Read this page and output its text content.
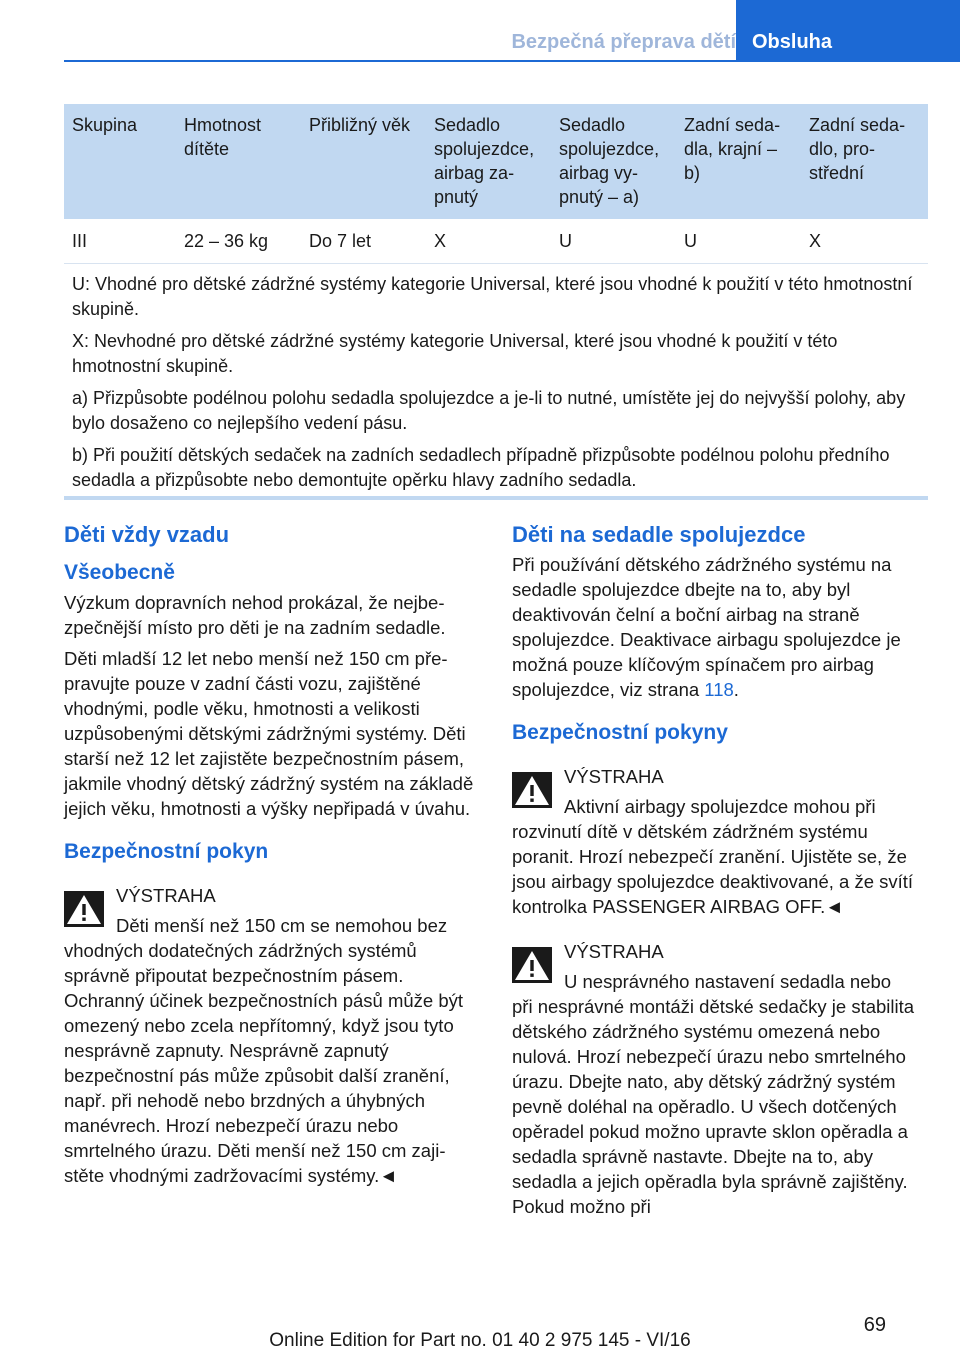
Bezpečná přeprava dětí Obsluha
Skupina	Hmotnost dítěte	Přibližný věk	Sedadlo spolujezdce, airbag zapnutý	Sedadlo spolujezdce, airbag vypnutý – a)	Zadní sedadla, krajní – b)	Zadní sedadlo, prostřední
III	22 – 36 kg	Do 7 let	X	U	U	X

U: Vhodné pro dětské zádržné systémy kategorie Universal, které jsou vhodné k použití v této hmotnostní skupině.

X: Nevhodné pro dětské zádržné systémy kategorie Universal, které jsou vhodné k použití v této hmotnostní skupině.

a) Přizpůsobte podélnou polohu sedadla spolujezdce a je-li to nutné, umístěte jej do nejvyšší polohy, aby bylo dosaženo co nejlepšího vedení pásu.

b) Při použití dětských sedaček na zadních sedadlech případně přizpůsobte podélnou polohu předního sedadla a přizpůsobte nebo demontujte opěrku hlavy zadního sedadla.						

Děti vždy vzadu
Všeobecně

Výzkum dopravních nehod prokázal, že nejbezpečnější místo pro děti je na zadním sedadle.

Děti mladší 12 let nebo menší než 150 cm přepravujte pouze v zadní části vozu, zajištěné vhodnými, podle věku, hmotnosti a velikosti uzpůsobenými dětskými zádržnými systémy. Děti starší než 12 let zajistěte bezpečnostním pásem, jakmile vhodný dětský zádržný systém na základě jejich věku, hmotnosti a výšky nepřipadá v úvahu.

Bezpečnostní pokyn
VÝSTRAHA
Děti menší než 150 cm se nemohou bez
vhodných dodatečných zádržných systémů správně připoutat bezpečnostním pásem. Ochranný účinek bezpečnostních pásů může být omezený nebo zcela nepřítomný, když jsou tyto nesprávně zapnuty. Nesprávně zapnutý bezpečnostní pás může způsobit další zranění, např. při nehodě nebo brzdných a úhybných manévrech. Hrozí nebezpečí úrazu nebo smrtelného úrazu. Děti menší než 150 cm zajistěte vhodnými zadržovacími systémy.◄
Děti na sedadle spolujezdce

Při používání dětského zádržného systému na sedadle spolujezdce dbejte na to, aby byl deaktivován čelní a boční airbag na straně spolujezdce. Deaktivace airbagu spolujezdce je možná pouze klíčovým spínačem pro airbag spolujezdce, viz strana 118.

Bezpečnostní pokyny
VÝSTRAHA
Aktivní airbagy spolujezdce mohou při
rozvinutí dítě v dětském zádržném systému poranit. Hrozí nebezpečí zranění. Ujistěte se, že jsou airbagy spolujezdce deaktivované, a že svítí kontrolka PASSENGER AIRBAG OFF.◄
VÝSTRAHA
U nesprávného nastavení sedadla nebo
při nesprávné montáži dětské sedačky je stabilita dětského zádržného systému omezená nebo nulová. Hrozí nebezpečí úrazu nebo smrtelného úrazu. Dbejte nato, aby dětský zádržný systém pevně doléhal na opěradlo. U všech dotčených opěradel pokud možno upravte sklon opěradla a sedadla správně nastavte. Dbejte na to, aby sedadla a jejich opěradla byla správně zajištěny. Pokud možno při
69
Online Edition for Part no. 01 40 2 975 145 - VI/16
